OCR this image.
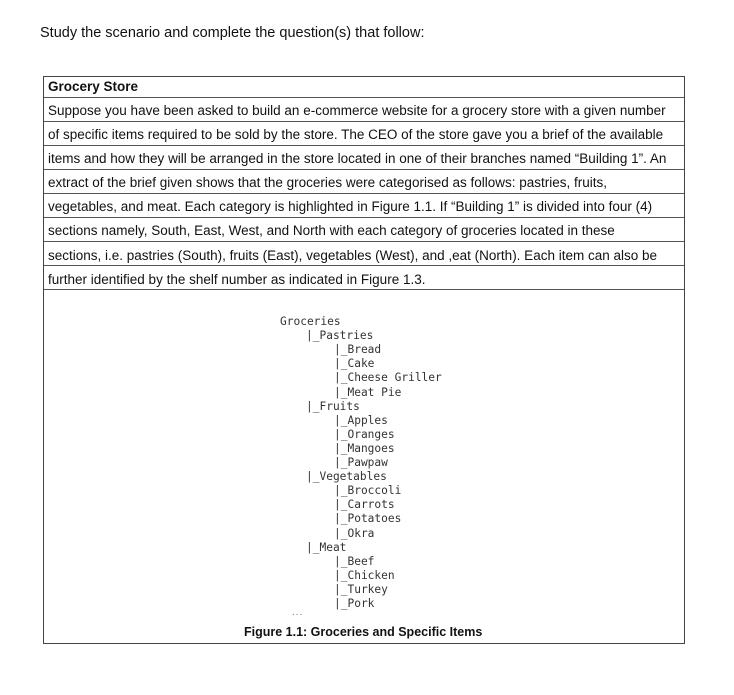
Study the scenario and complete the question(s) that follow:
Grocery Store
Suppose you have been asked to build an e-commerce website for a grocery store with a given number
of specific items required to be sold by the store. The CEO of the store gave you a brief of the available
items and how they will be arranged in the store located in one of their branches named “Building 1”. An
extract of the brief given shows that the groceries were categorised as follows: pastries, fruits,
vegetables, and meat. Each category is highlighted in Figure 1.1. If “Building 1” is divided into four (4)
sections namely, South, East, West, and North with each category of groceries located in these
sections, i.e. pastries (South), fruits (East), vegetables (West), and ,eat (North). Each item can also be
further identified by the shelf number as indicated in Figure 1.3.
Groceries
|_Pastries
|_Bread
|_Cake
|_Cheese Griller
|_Meat Pie
|_Fruits
|_Apples
|_Oranges
|_Mangoes
|_Pawpaw
|_Vegetables
|_Broccoli
|_Carrots
|_Potatoes
|_Okra
|_Meat
|_Beef
|_Chicken
|_Turkey
|_Pork
...
Figure 1.1: Groceries and Specific Items
